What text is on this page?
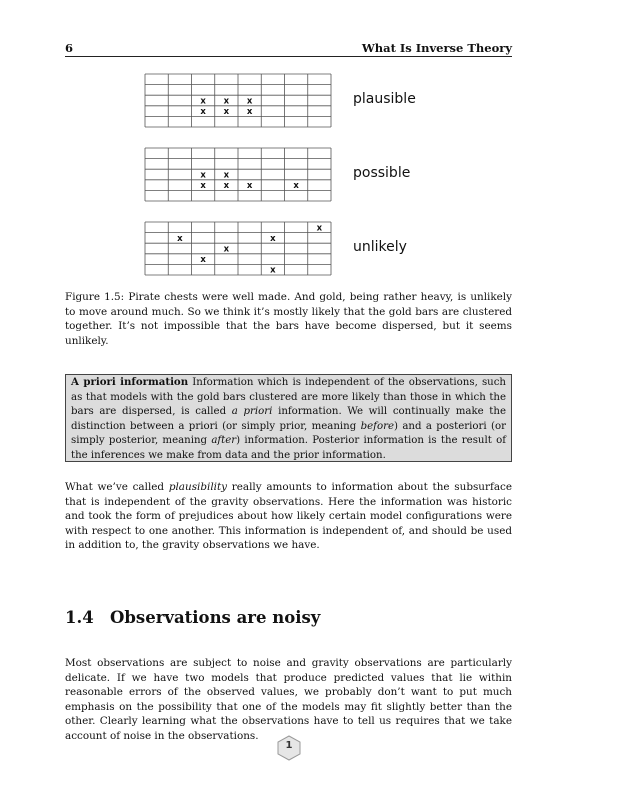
6	What Is Inverse Theory
x x x
x x x
plausible
x x
x x x	x
possible
x
x	x
x
x
x
unlikely
Figure 1.5: Pirate chests were well made. And gold, being rather heavy, is unlikely to move around much. So we think it’s mostly likely that the gold bars are clustered together. It’s not impossible that the bars have become dispersed, but it seems unlikely.
A priori information Information which is independent of the observations, such as that models with the gold bars clustered are more likely than those in which the bars are dispersed, is called a priori information. We will continually make the distinction between a priori (or simply prior, meaning before) and a posteriori (or simply posterior, meaning after) information. Posterior information is the result of the inferences we make from data and the prior information.
What we’ve called plausibility really amounts to information about the subsurface that is independent of the gravity observations. Here the information was historic and took the form of prejudices about how likely certain model configurations were with respect to one another. This information is independent of, and should be used in addition to, the gravity observations we have.
1.4 Observations are noisy
Most observations are subject to noise and gravity observations are particularly delicate. If we have two models that produce predicted values that lie within reasonable errors of the observed values, we probably don’t want to put much emphasis on the possibility that one of the models may fit slightly better than the other. Clearly learning what the observations have to tell us requires that we take account of noise in the observations.
1
